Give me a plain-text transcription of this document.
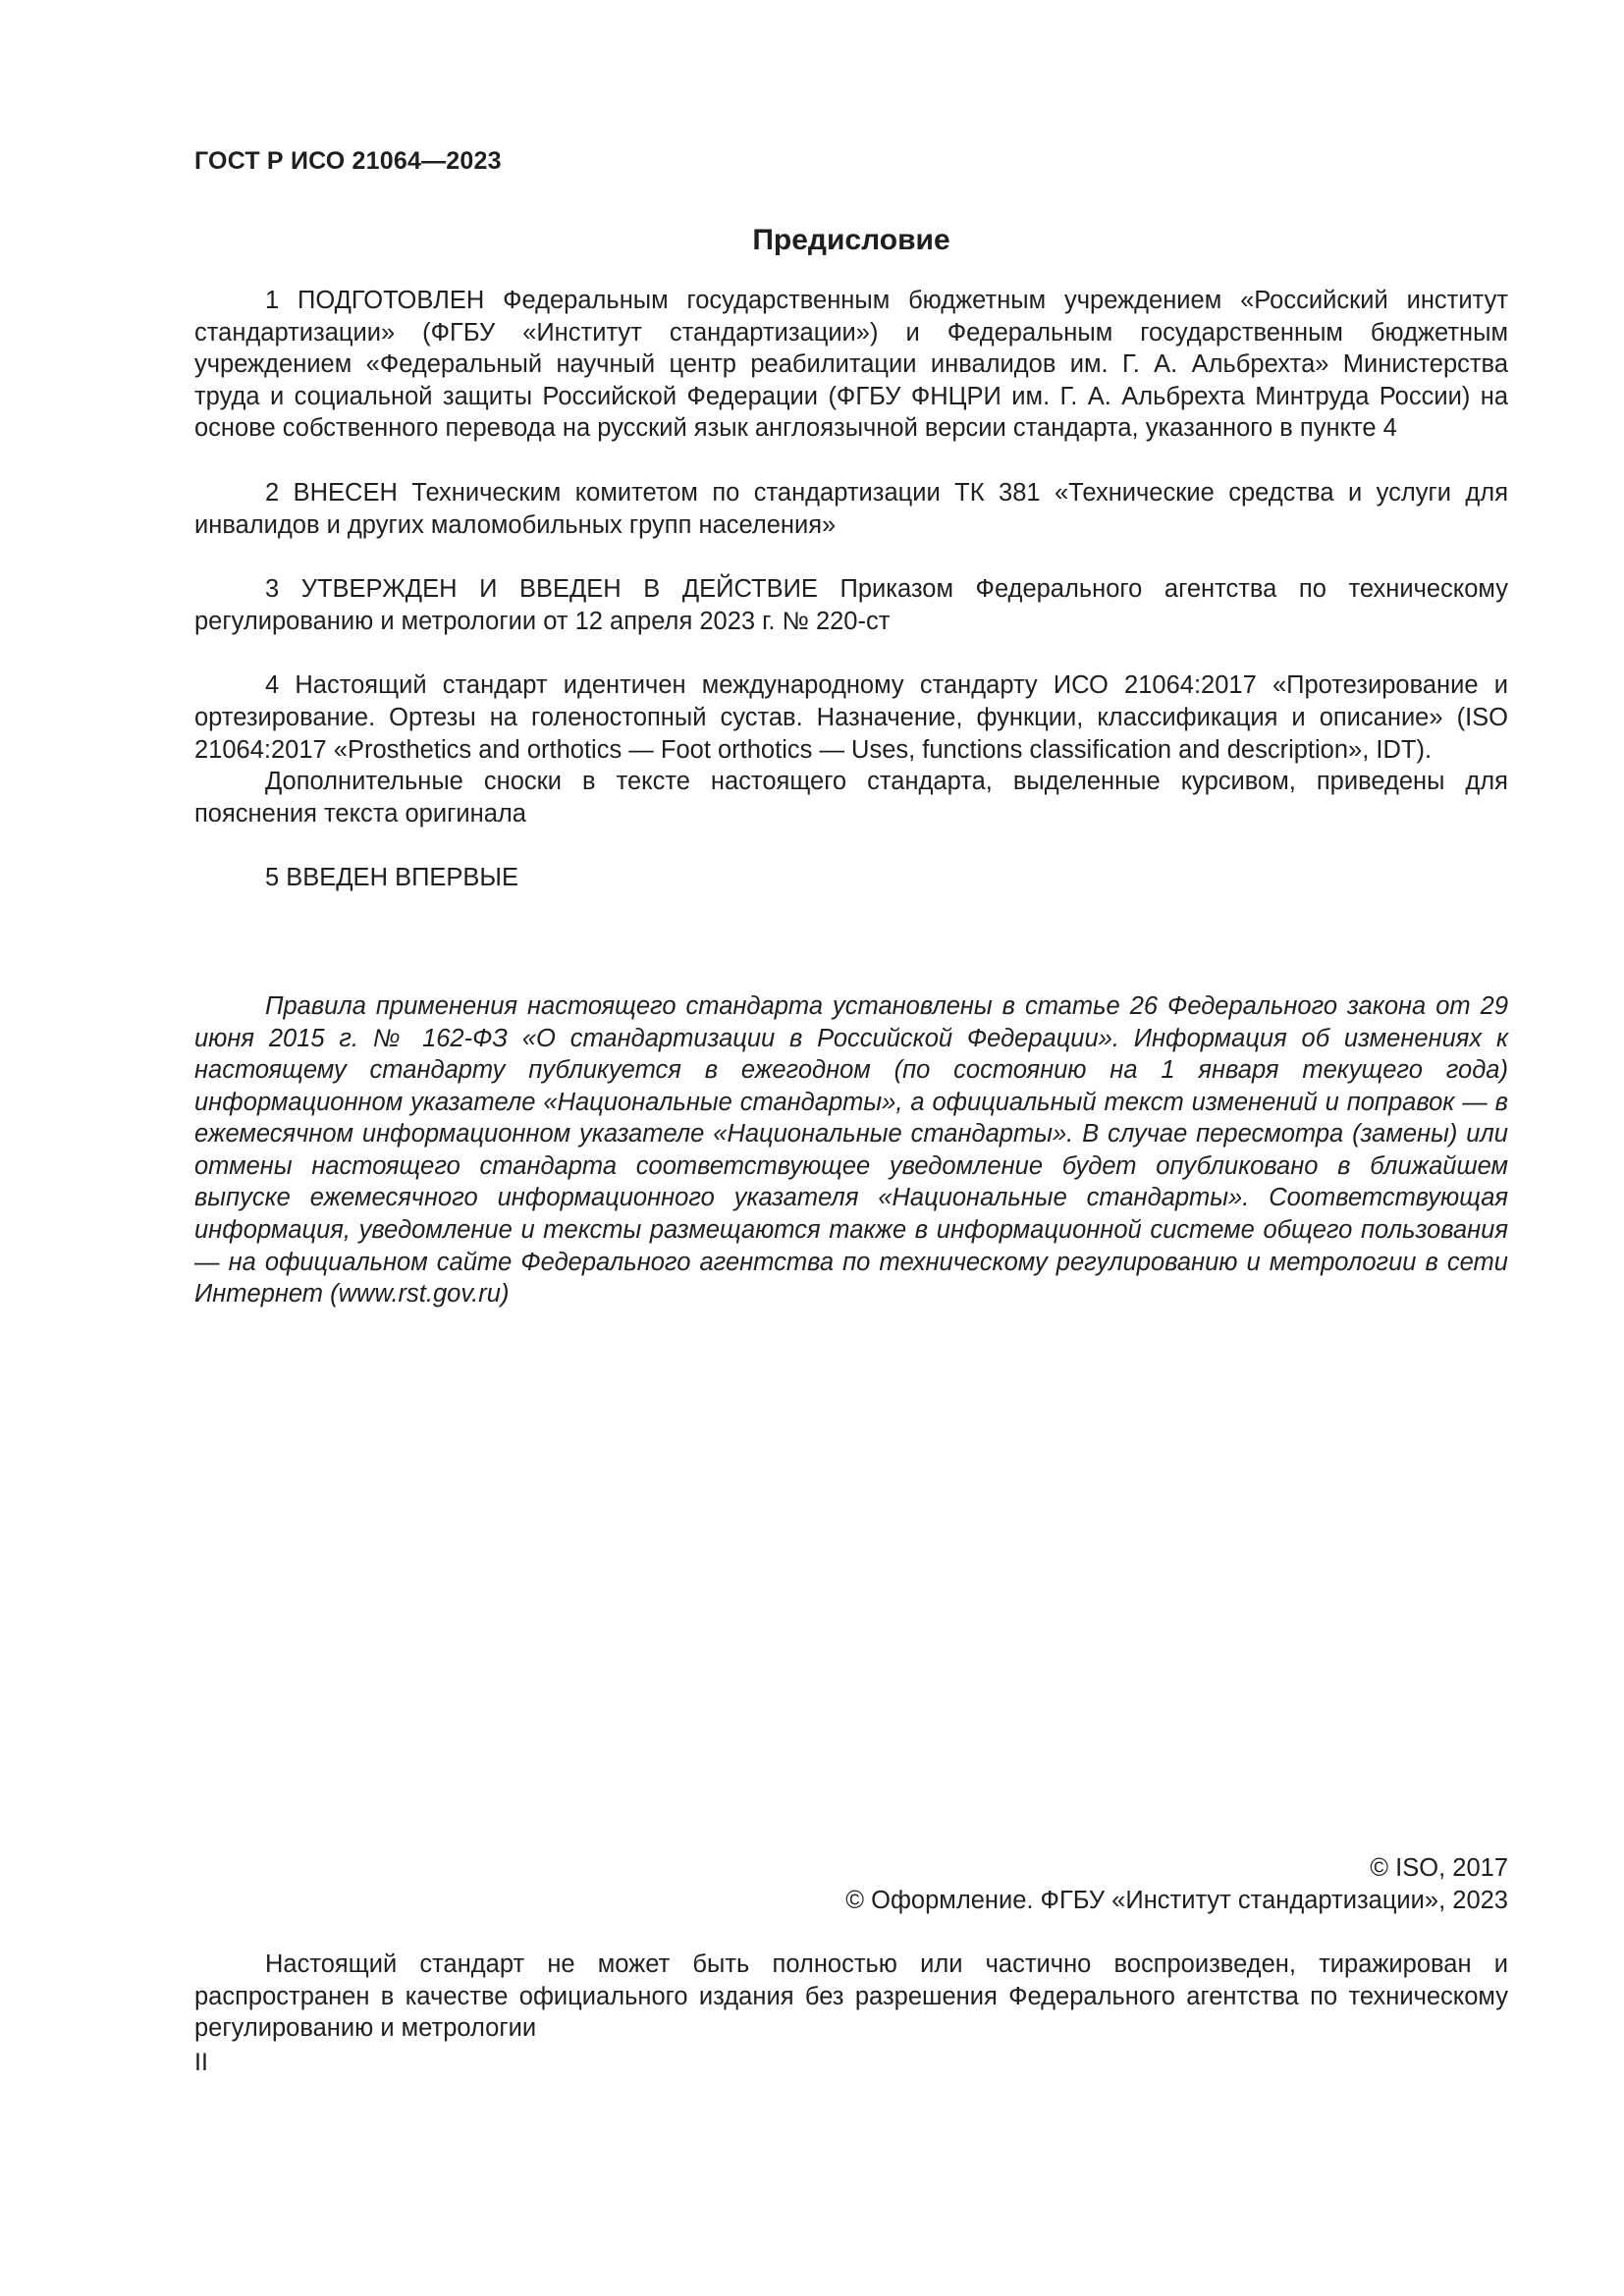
ГОСТ Р ИСО 21064—2023
Предисловие

1 ПОДГОТОВЛЕН Федеральным государственным бюджетным учреждением «Российский институт стандартизации» (ФГБУ «Институт стандартизации») и Федеральным государственным бюджетным учреждением «Федеральный научный центр реабилитации инвалидов им. Г. А. Альбрехта» Министерства труда и социальной защиты Российской Федерации (ФГБУ ФНЦРИ им. Г. А. Альбрехта Минтруда России) на основе собственного перевода на русский язык англоязычной версии стандарта, указанного в пункте 4

2 ВНЕСЕН Техническим комитетом по стандартизации ТК 381 «Технические средства и услуги для инвалидов и других маломобильных групп населения»

3 УТВЕРЖДЕН И ВВЕДЕН В ДЕЙСТВИЕ Приказом Федерального агентства по техническому регулированию и метрологии от 12 апреля 2023 г. № 220-ст

4 Настоящий стандарт идентичен международному стандарту ИСО 21064:2017 «Протезирование и ортезирование. Ортезы на голеностопный сустав. Назначение, функции, классификация и описание» (ISO 21064:2017 «Prosthetics and orthotics — Foot orthotics — Uses, functions classification and description», IDT).

Дополнительные сноски в тексте настоящего стандарта, выделенные курсивом, приведены для пояснения текста оригинала

5 ВВЕДЕН ВПЕРВЫЕ

Правила применения настоящего стандарта установлены в статье 26 Федерального закона от 29 июня 2015 г. № 162-ФЗ «О стандартизации в Российской Федерации». Информация об изменениях к настоящему стандарту публикуется в ежегодном (по состоянию на 1 января текущего года) информационном указателе «Национальные стандарты», а официальный текст изменений и поправок — в ежемесячном информационном указателе «Национальные стандарты». В случае пересмотра (замены) или отмены настоящего стандарта соответствующее уведомление будет опубликовано в ближайшем выпуске ежемесячного информационного указателя «Национальные стандарты». Соответствующая информация, уведомление и тексты размещаются также в информационной системе общего пользования — на официальном сайте Федерального агентства по техническому регулированию и метрологии в сети Интернет (www.rst.gov.ru)

© ISO, 2017
© Оформление. ФГБУ «Институт стандартизации», 2023

Настоящий стандарт не может быть полностью или частично воспроизведен, тиражирован и распространен в качестве официального издания без разрешения Федерального агентства по техническому регулированию и метрологии

II
